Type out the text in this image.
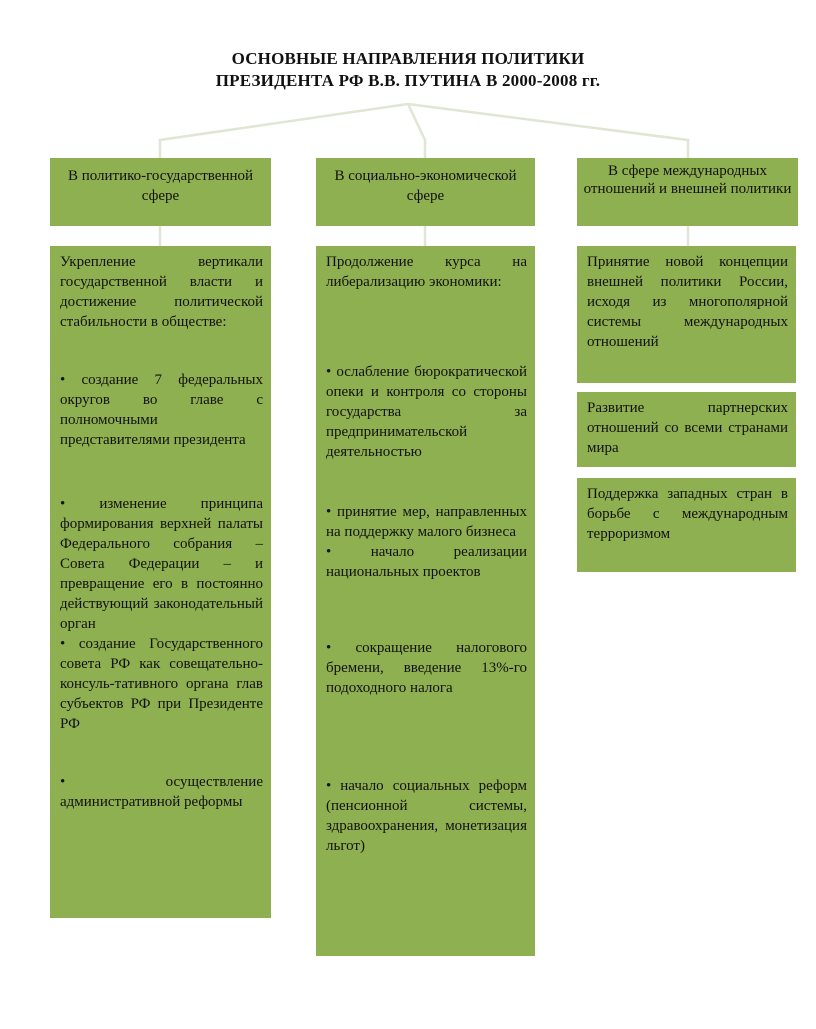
ОСНОВНЫЕ НАПРАВЛЕНИЯ ПОЛИТИКИ
ПРЕЗИДЕНТА РФ В.В. ПУТИНА В 2000-2008 гг.
В политико-государственной сфере
В социально-экономической сфере
В сфере международных отношений и внешней политики
Укрепление вертикали государственной власти и достижение политической стабильности в обществе:
• создание 7 федеральных округов во главе с полномочными представителями президента
• изменение принципа формирования верхней палаты Федерального собрания – Совета Федерации – и превращение его в постоянно действующий законодательный орган
• создание Государственного совета РФ как совещательно-консуль-тативного органа глав субъектов РФ при Президенте РФ
• осуществление административной реформы
Продолжение курса на либерализацию экономики:
• ослабление бюрократической опеки и контроля со стороны государства за предпринимательской деятельностью
• принятие мер, направленных на поддержку малого бизнеса
• начало реализации национальных проектов
• сокращение налогового бремени, введение 13%-го подоходного налога
• начало социальных реформ (пенсионной системы, здравоохранения, монетизация льгот)
Принятие новой концепции внешней политики России, исходя из многополярной системы международных отношений
Развитие партнерских отношений со всеми странами мира
Поддержка западных стран в борьбе с международным терроризмом
